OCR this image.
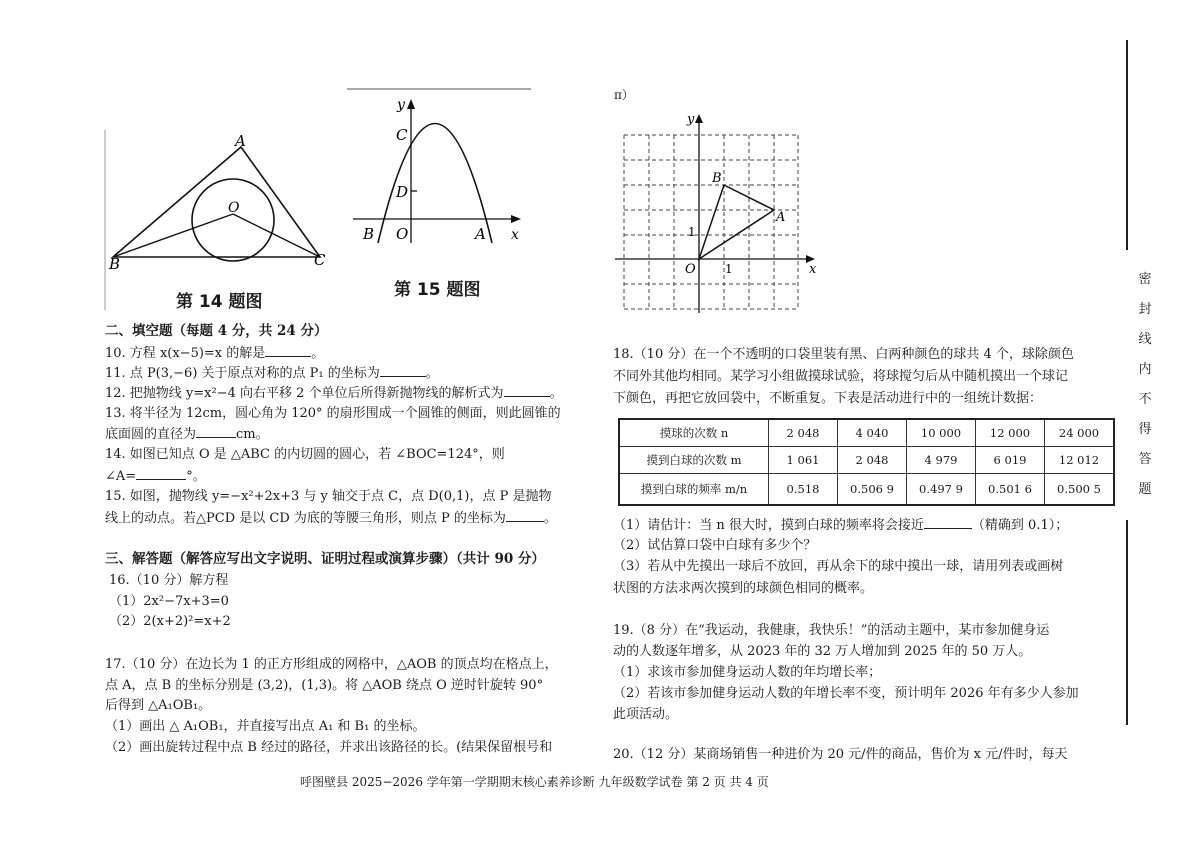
A
B	C
O
第 14 题图
y
C
D
B O	A x
第 15 题图
π）
y
B
A
1
O 1	x
二、填空题（每题 4 分，共 24 分）
10. 方程 x(x−5)=x 的解是	。
11. 点 P(3,−6) 关于原点对称的点 P₁ 的坐标为	。
12. 把抛物线 y=x²−4 向右平移 2 个单位后所得新抛物线的解析式为	。
13. 将半径为 12cm，圆心角为 120° 的扇形围成一个圆锥的侧面，则此圆锥的
底面圆的直径为	cm。
14. 如图已知点 O 是 △ABC 的内切圆的圆心，若 ∠BOC=124°，则
∠A=	°。
15. 如图，抛物线 y=−x²+2x+3 与 y 轴交于点 C，点 D(0,1)，点 P 是抛物
线上的动点。若△PCD 是以 CD 为底的等腰三角形，则点 P 的坐标为	。
三、解答题（解答应写出文字说明、证明过程或演算步骤）（共计 90 分）
16.（10 分）解方程
（1）2x²−7x+3=0
（2）2(x+2)²=x+2
17.（10 分）在边长为 1 的正方形组成的网格中，△AOB 的顶点均在格点上，
点 A，点 B 的坐标分别是 (3,2)，(1,3)。将 △AOB 绕点 O 逆时针旋转 90°
后得到 △A₁OB₁。
（1）画出 △ A₁OB₁，并直接写出点 A₁ 和 B₁ 的坐标。
（2）画出旋转过程中点 B 经过的路径，并求出该路径的长。(结果保留根号和
18.（10 分）在一个不透明的口袋里装有黑、白两种颜色的球共 4 个，球除颜色
不同外其他均相同。某学习小组做摸球试验，将球搅匀后从中随机摸出一个球记
下颜色，再把它放回袋中，不断重复。下表是活动进行中的一组统计数据：
摸球的次数 n	2 048	4 040	10 000	12 000	24 000
摸到白球的次数 m	1 061	2 048	4 979	6 019	12 012
摸到白球的频率 m/n	0.518	0.506 9	0.497 9	0.501 6	0.500 5
（1）请估计：当 n 很大时，摸到白球的频率将会接近	（精确到 0.1）；
（2）试估算口袋中白球有多少个？
（3）若从中先摸出一球后不放回，再从余下的球中摸出一球，请用列表或画树
状图的方法求两次摸到的球颜色相同的概率。
19.（8 分）在“我运动，我健康，我快乐！”的活动主题中，某市参加健身运
动的人数逐年增多，从 2023 年的 32 万人增加到 2025 年的 50 万人。
（1）求该市参加健身运动人数的年均增长率；
（2）若该市参加健身运动人数的年增长率不变，预计明年 2026 年有多少人参加
此项活动。
20.（12 分）某商场销售一种进价为 20 元/件的商品，售价为 x 元/件时，每天
呼图壁县 2025−2026 学年第一学期期末核心素养诊断 九年级数学试卷 第 2 页 共 4 页
密
封
线
内
不
得
答
题
